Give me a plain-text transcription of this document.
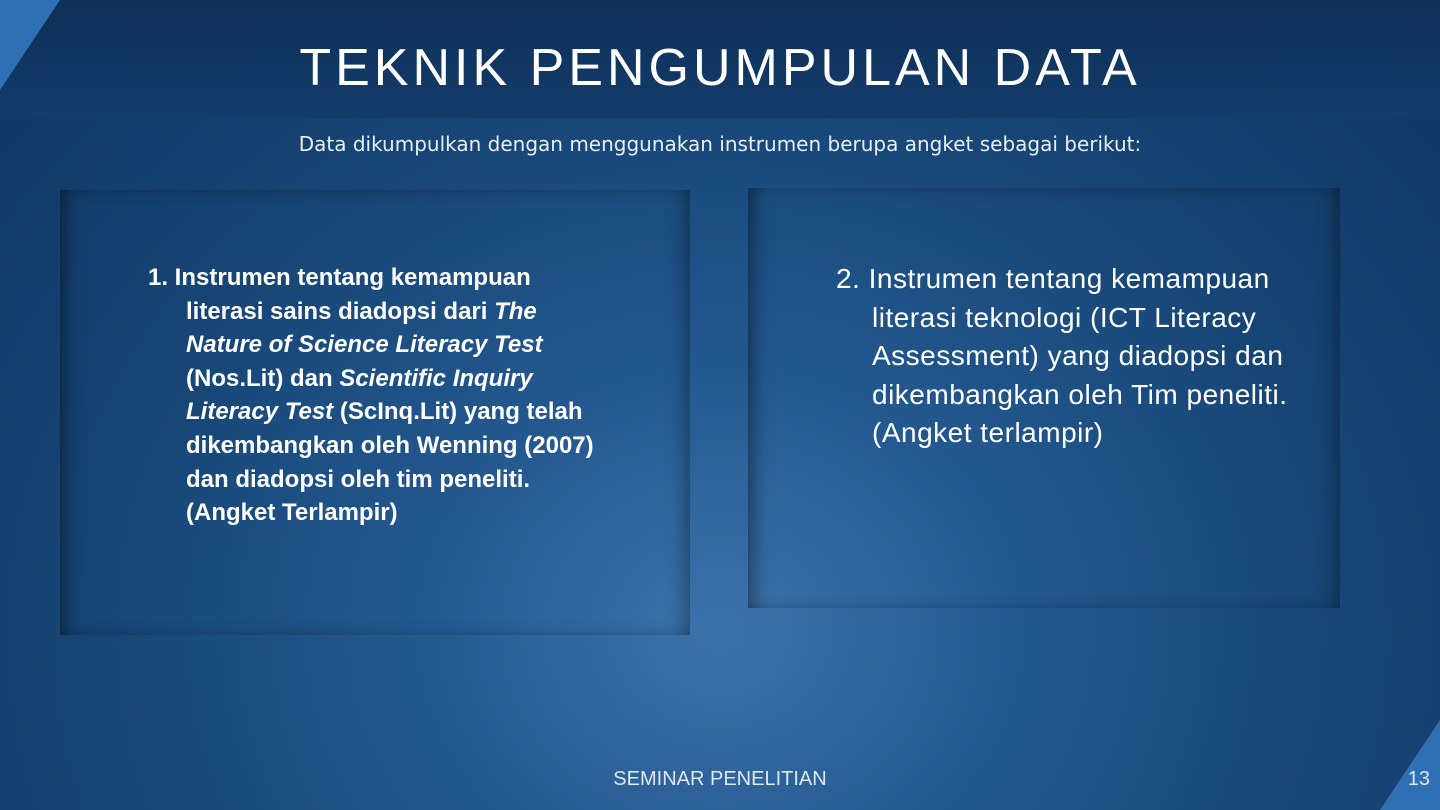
TEKNIK PENGUMPULAN DATA
Data dikumpulkan dengan menggunakan instrumen berupa angket sebagai berikut:
1. Instrumen tentang kemampuan literasi sains diadopsi dari The Nature of Science Literacy Test (Nos.Lit) dan Scientific Inquiry Literacy Test (ScInq.Lit) yang telah dikembangkan oleh Wenning (2007) dan diadopsi oleh tim peneliti. (Angket Terlampir)
2. Instrumen tentang kemampuan literasi teknologi (ICT Literacy Assessment) yang diadopsi dan dikembangkan oleh Tim peneliti. (Angket terlampir)
SEMINAR PENELITIAN	13
